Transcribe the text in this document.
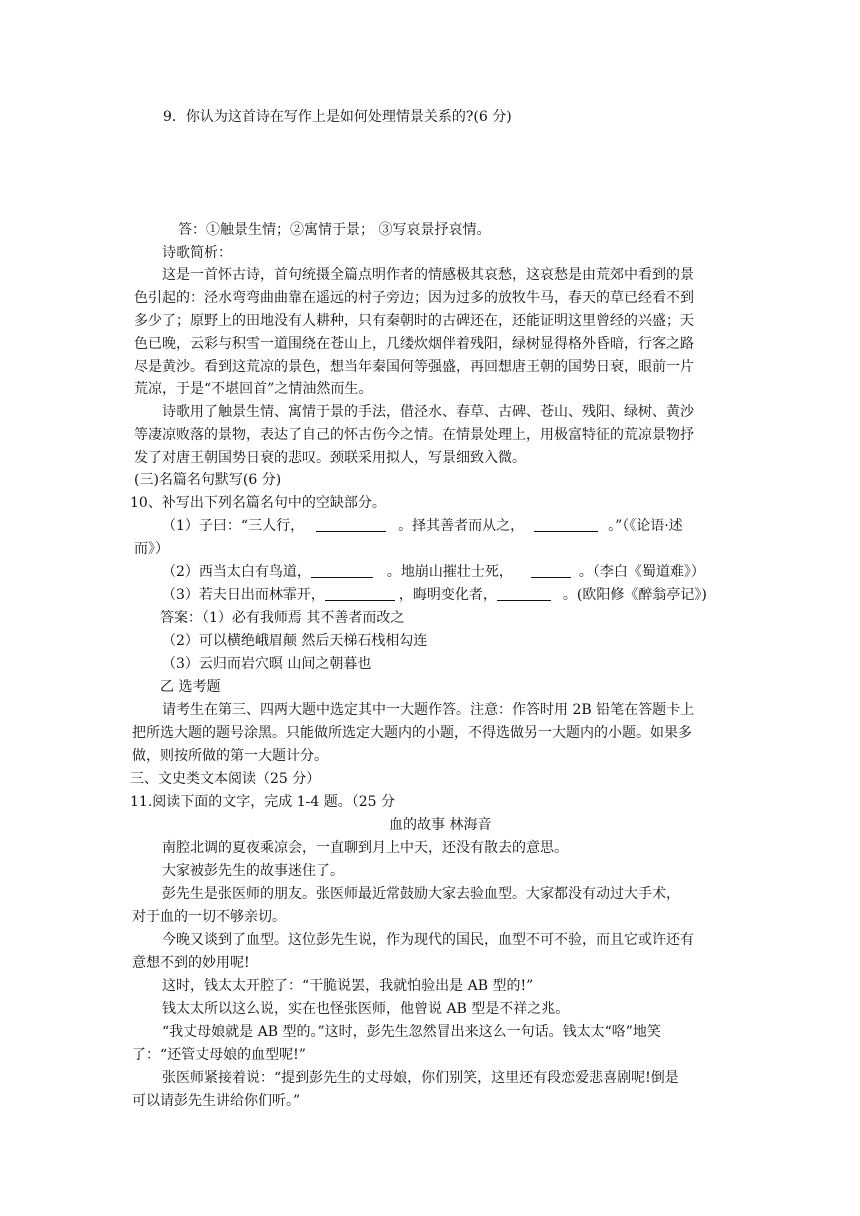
9．你认为这首诗在写作上是如何处理情景关系的?(6 分)
答：①触景生情；②寓情于景； ③写哀景抒哀情。
诗歌简析：
这是一首怀古诗，首句统摄全篇点明作者的情感极其哀愁，这哀愁是由荒郊中看到的景
色引起的：泾水弯弯曲曲靠在遥远的村子旁边；因为过多的放牧牛马，春天的草已经看不到
多少了；原野上的田地没有人耕种，只有秦朝时的古碑还在，还能证明这里曾经的兴盛；天
色已晚，云彩与积雪一道围绕在苍山上，几缕炊烟伴着残阳，绿树显得格外昏暗，行客之路
尽是黄沙。看到这荒凉的景色，想当年秦国何等强盛，再回想唐王朝的国势日衰，眼前一片
荒凉，于是“不堪回首”之情油然而生。
诗歌用了触景生情、寓情于景的手法，借泾水、春草、古碑、苍山、残阳、绿树、黄沙
等凄凉败落的景物，表达了自己的怀古伤今之情。在情景处理上，用极富特征的荒凉景物抒
发了对唐王朝国势日衰的悲叹。颈联采用拟人，写景细致入微。
(三)名篇名句默写(6 分)
10、补写出下列名篇名句中的空缺部分。
（1）子曰：“三人行，	。择其善者而从之，	。”（《论语·述
而》）
（2）西当太白有鸟道，	。地崩山摧壮士死，	。（李白《蜀道难》）
（3）若夫日出而林霏开，	，晦明变化者，	。(欧阳修《醉翁亭记》)
答案：（1）必有我师焉 其不善者而改之
（2）可以横绝峨眉颠 然后天梯石栈相勾连
（3）云归而岩穴暝 山间之朝暮也
乙 选考题
请考生在第三、四两大题中选定其中一大题作答。注意：作答时用 2B 铅笔在答题卡上
把所选大题的题号涂黑。只能做所选定大题内的小题，不得选做另一大题内的小题。如果多
做，则按所做的第一大题计分。
三、文史类文本阅读（25 分）
11.阅读下面的文字，完成 1-4 题。（25 分
血的故事 林海音
南腔北调的夏夜乘凉会，一直聊到月上中天，还没有散去的意思。
大家被彭先生的故事迷住了。
彭先生是张医师的朋友。张医师最近常鼓励大家去验血型。大家都没有动过大手术，
对于血的一切不够亲切。
今晚又谈到了血型。这位彭先生说，作为现代的国民，血型不可不验，而且它或许还有
意想不到的妙用呢!
这时，钱太太开腔了：“干脆说罢，我就怕验出是 AB 型的!”
钱太太所以这么说，实在也怪张医师，他曾说 AB 型是不祥之兆。
“我丈母娘就是 AB 型的。”这时，彭先生忽然冒出来这么一句话。钱太太“咯”地笑
了：“还管丈母娘的血型呢!”
张医师紧接着说：“提到彭先生的丈母娘，你们别笑，这里还有段恋爱悲喜剧呢!倒是
可以请彭先生讲给你们听。”
